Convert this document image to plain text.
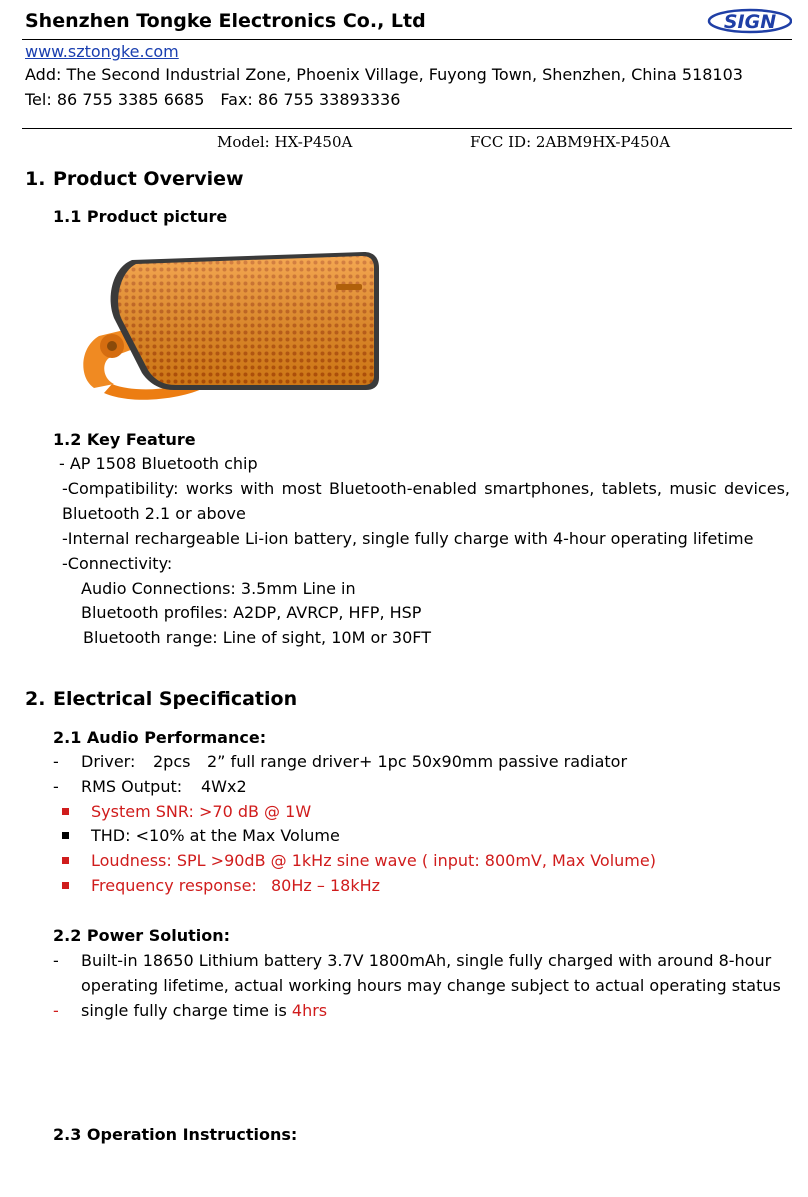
Shenzhen Tongke Electronics Co., Ltd	SIGN
www.sztongke.com
Add: The Second Industrial Zone, Phoenix Village, Fuyong Town, Shenzhen, China 518103
Tel: 86 755 3385 6685 Fax: 86 755 33893336
Model: HX-P450A	FCC ID: 2ABM9HX-P450A
1. Product Overview
1.1 Product picture
1.2 Key Feature
- AP 1508 Bluetooth chip
-Compatibility: works with most Bluetooth-enabled smartphones, tablets, music devices,
Bluetooth 2.1 or above
-Internal rechargeable Li-ion battery, single fully charge with 4-hour operating lifetime
-Connectivity:
Audio Connections: 3.5mm Line in
Bluetooth profiles: A2DP, AVRCP, HFP, HSP
Bluetooth range: Line of sight, 10M or 30FT
2. Electrical Specification
2.1 Audio Performance:
- Driver: 2pcs 2” full range driver+ 1pc 50x90mm passive radiator
- RMS Output: 4Wx2
System SNR: >70 dB @ 1W
THD: <10% at the Max Volume
Loudness: SPL >90dB @ 1kHz sine wave ( input: 800mV, Max Volume)
Frequency response: 80Hz – 18kHz
2.2 Power Solution:
- Built-in 18650 Lithium battery 3.7V 1800mAh, single fully charged with around 8-hour
operating lifetime, actual working hours may change subject to actual operating status
- single fully charge time is 4hrs
2.3 Operation Instructions:
